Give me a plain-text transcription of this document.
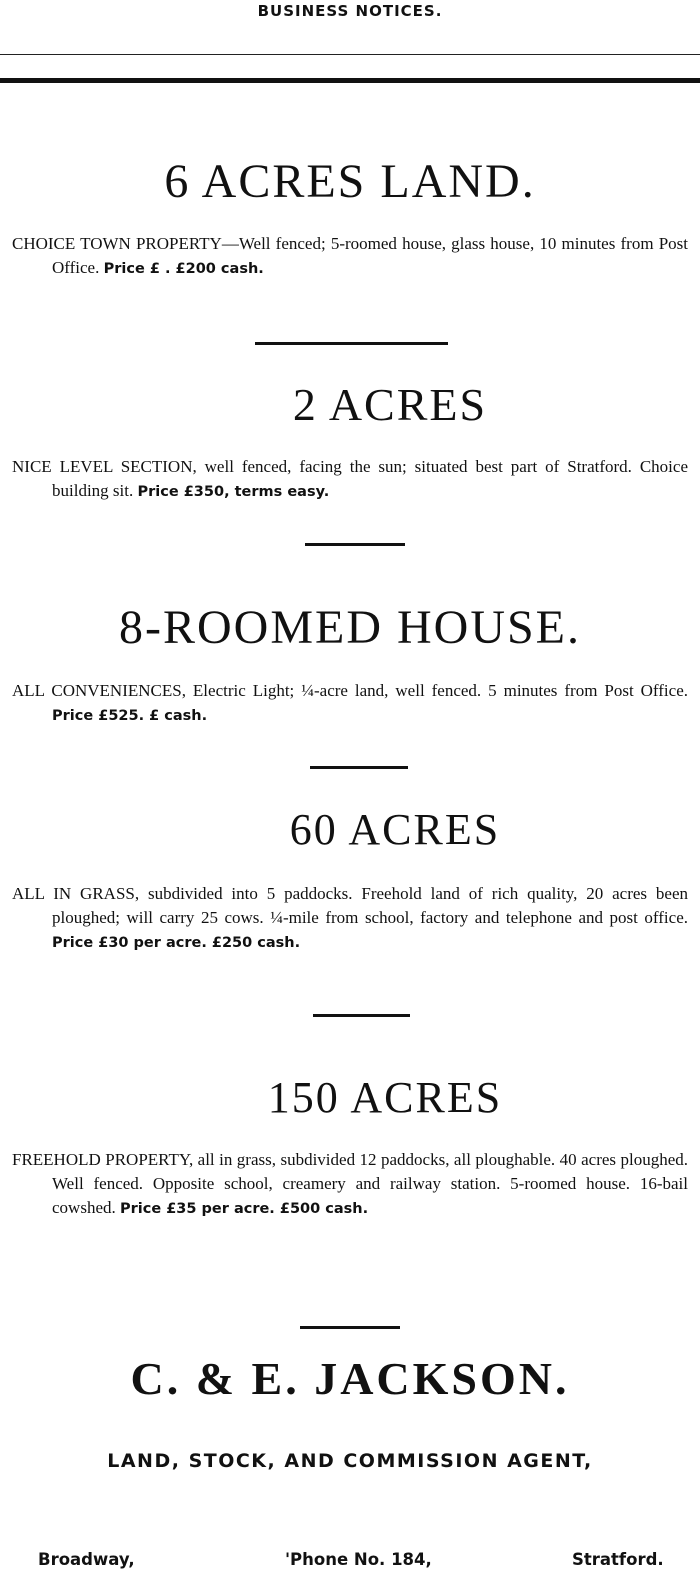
BUSINESS NOTICES.
6 ACRES LAND.
CHOICE TOWN PROPERTY—Well fenced; 5-roomed house, glass house, 10 minutes from Post Office. Price £ . £200 cash.
2 ACRES
NICE LEVEL SECTION, well fenced, facing the sun; situated best part of Stratford. Choice building sit. Price £350, terms easy.
8-ROOMED HOUSE.
ALL CONVENIENCES, Electric Light; ¼-acre land, well fenced. 5 minutes from Post Office. Price £525. £ cash.
60 ACRES
ALL IN GRASS, subdivided into 5 paddocks. Freehold land of rich quality, 20 acres been ploughed; will carry 25 cows. ¼-mile from school, factory and telephone and post office. Price £30 per acre. £250 cash.
150 ACRES
FREEHOLD PROPERTY, all in grass, subdivided 12 paddocks, all ploughable. 40 acres ploughed. Well fenced. Opposite school, creamery and railway station. 5-roomed house. 16-bail cowshed. Price £35 per acre. £500 cash.
C. & E. JACKSON.
LAND, STOCK, AND COMMISSION AGENT,
Broadway,	'Phone No. 184,	Stratford.
